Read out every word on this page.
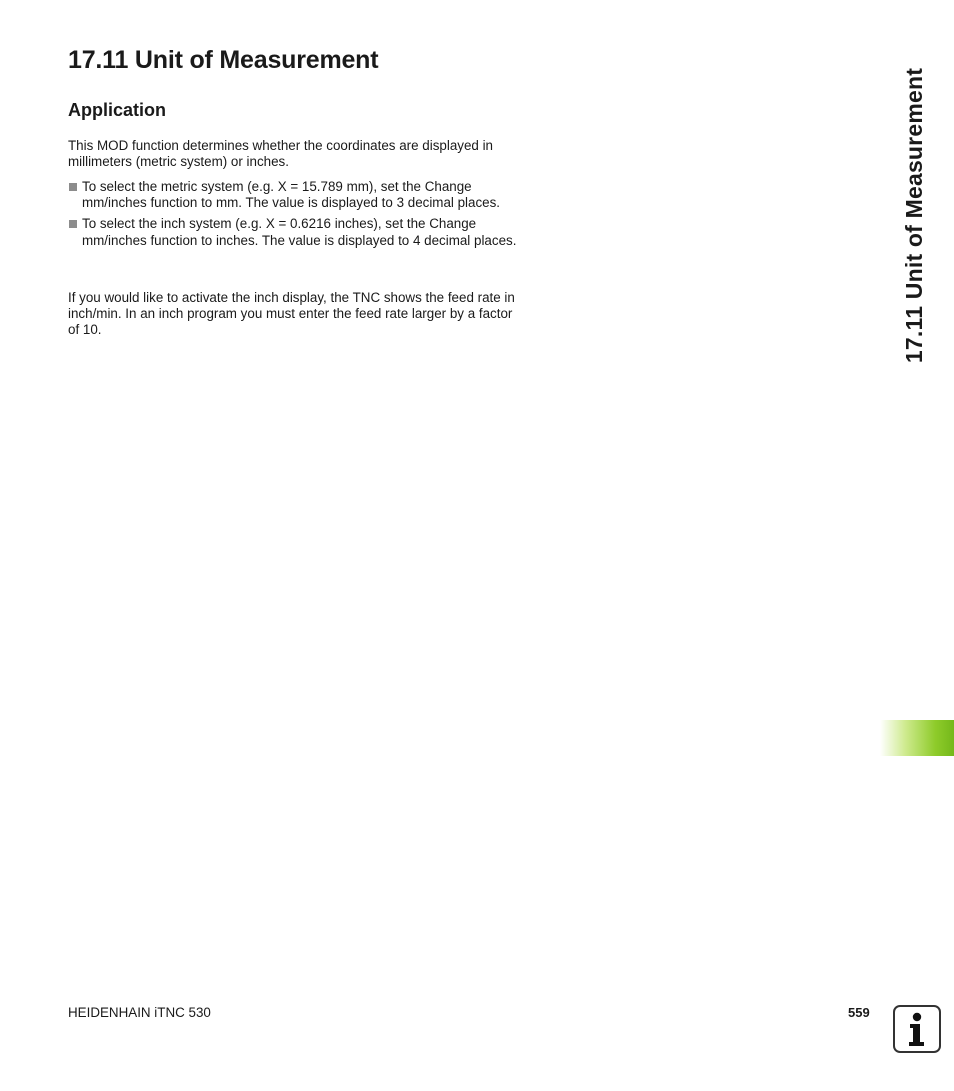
17.11 Unit of Measurement
Application

This MOD function determines whether the coordinates are displayed in millimeters (metric system) or inches.

To select the metric system (e.g. X = 15.789 mm), set the Change mm/inches function to mm. The value is displayed to 3 decimal places.
To select the inch system (e.g. X = 0.6216 inches), set the Change mm/inches function to inches. The value is displayed to 4 decimal places.

If you would like to activate the inch display, the TNC shows the feed rate in inch/min. In an inch program you must enter the feed rate larger by a factor of 10.	17.11 Unit of Measurement
HEIDENHAIN iTNC 530	559
